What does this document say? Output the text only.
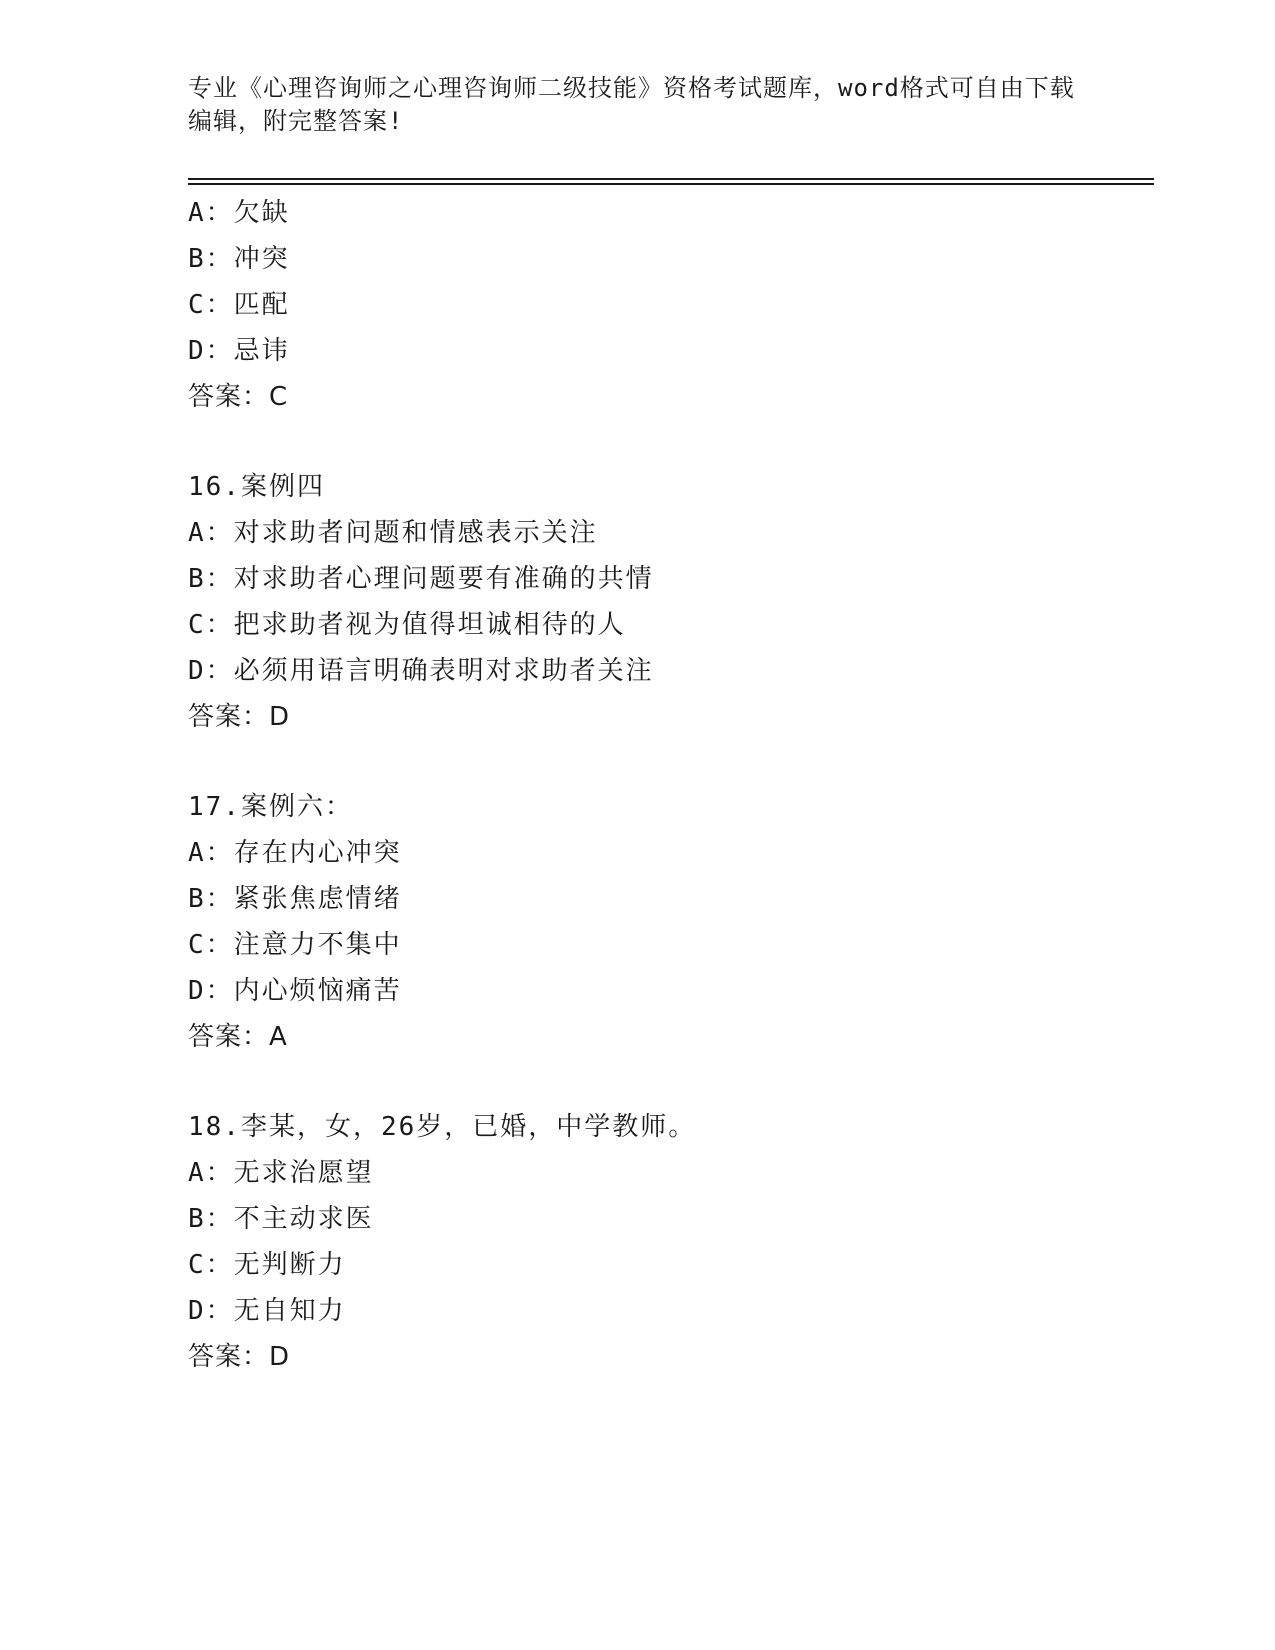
专业《心理咨询师之心理咨询师二级技能》资格考试题库，word格式可自由下载
编辑，附完整答案!
A：欠缺
B：冲突
C：匹配
D：忌讳
答案：C
16.案例四
A：对求助者问题和情感表示关注
B：对求助者心理问题要有准确的共情
C：把求助者视为值得坦诚相待的人
D：必须用语言明确表明对求助者关注
答案：D
17.案例六：
A：存在内心冲突
B：紧张焦虑情绪
C：注意力不集中
D：内心烦恼痛苦
答案：A
18.李某，女，26岁，已婚，中学教师。
A：无求治愿望
B：不主动求医
C：无判断力
D：无自知力
答案：D
